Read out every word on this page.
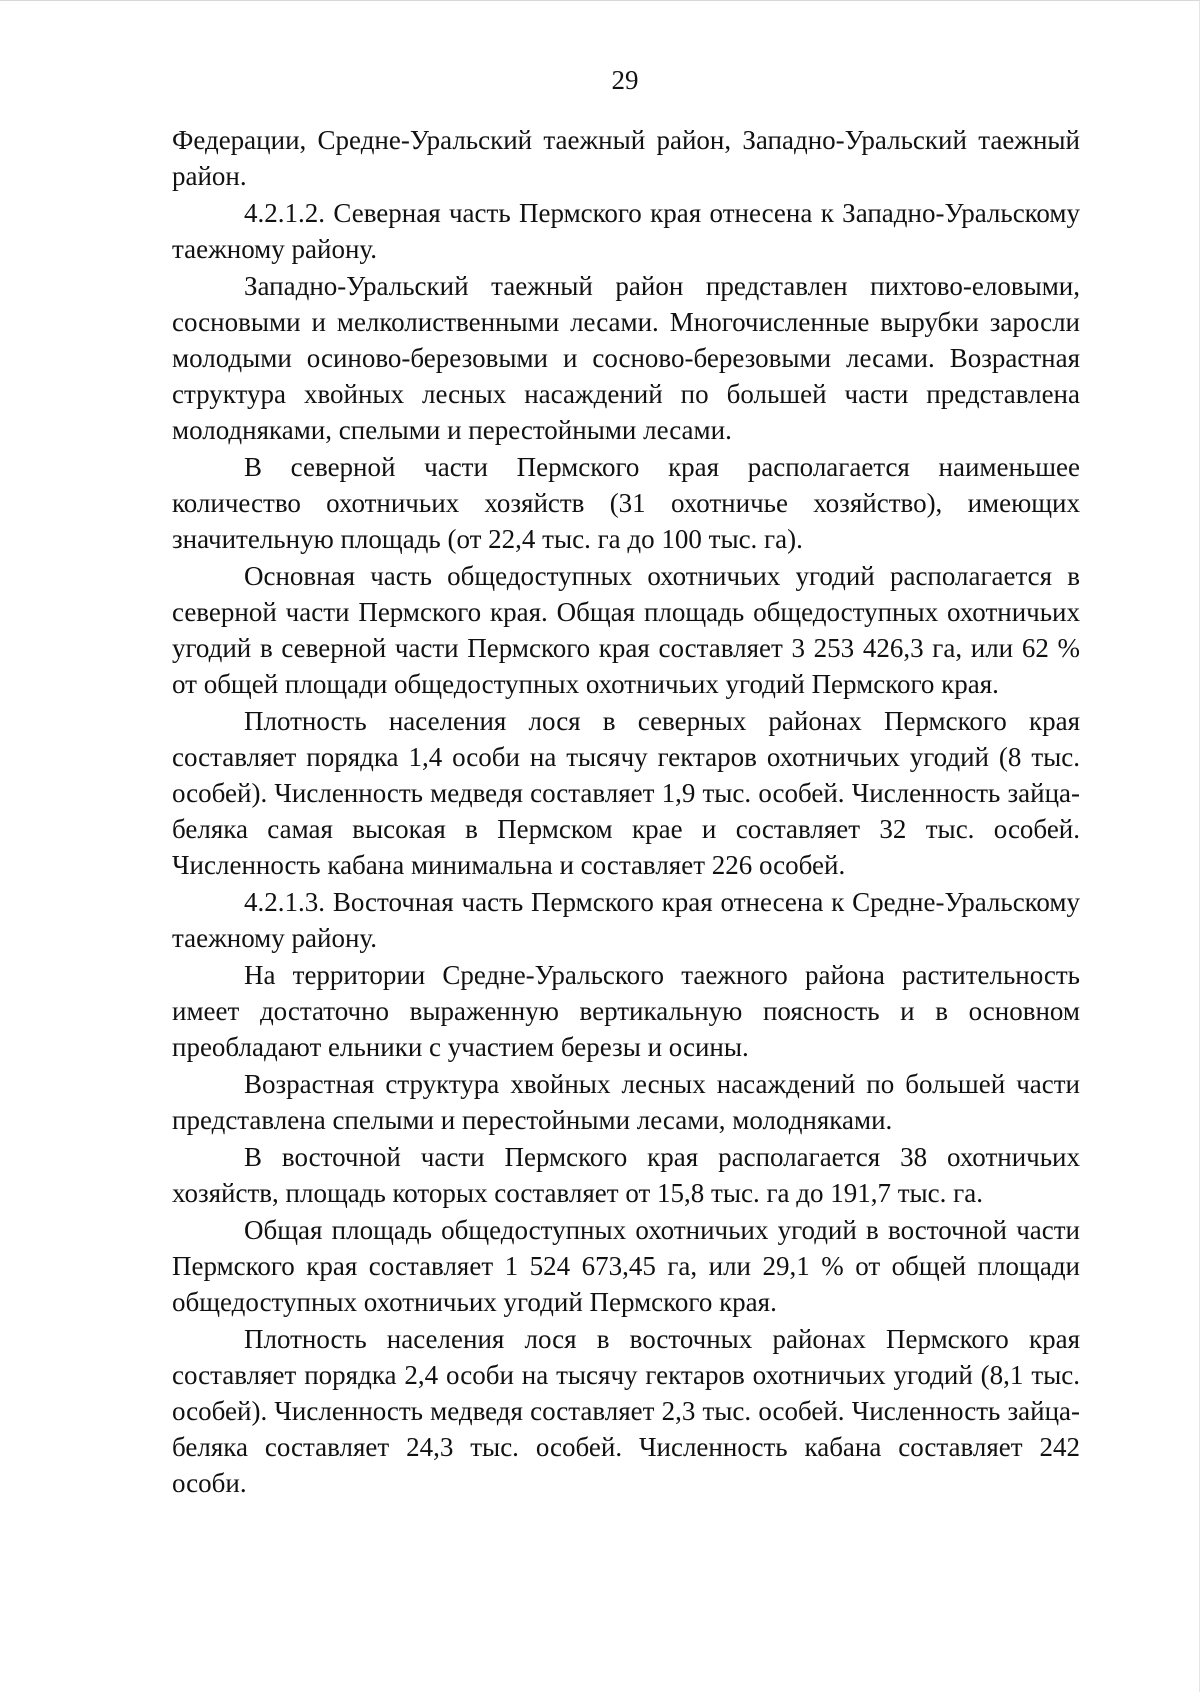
29

Федерации, Средне-Уральский таежный район, Западно-Уральский таежный район.

4.2.1.2. Северная часть Пермского края отнесена к Западно-Уральскому таежному району.

Западно-Уральский таежный район представлен пихтово-еловыми, сосновыми и мелколиственными лесами. Многочисленные вырубки заросли молодыми осиново-березовыми и сосново-березовыми лесами. Возрастная структура хвойных лесных насаждений по большей части представлена молодняками, спелыми и перестойными лесами.

В северной части Пермского края располагается наименьшее количество охотничьих хозяйств (31 охотничье хозяйство), имеющих значительную площадь (от 22,4 тыс. га до 100 тыс. га).

Основная часть общедоступных охотничьих угодий располагается в северной части Пермского края. Общая площадь общедоступных охотничьих угодий в северной части Пермского края составляет 3 253 426,3 га, или 62 % от общей площади общедоступных охотничьих угодий Пермского края.

Плотность населения лося в северных районах Пермского края составляет порядка 1,4 особи на тысячу гектаров охотничьих угодий (8 тыс. особей). Численность медведя составляет 1,9 тыс. особей. Численность зайца-беляка самая высокая в Пермском крае и составляет 32 тыс. особей. Численность кабана минимальна и составляет 226 особей.

4.2.1.3. Восточная часть Пермского края отнесена к Средне-Уральскому таежному району.

На территории Средне-Уральского таежного района растительность имеет достаточно выраженную вертикальную поясность и в основном преобладают ельники с участием березы и осины.

Возрастная структура хвойных лесных насаждений по большей части представлена спелыми и перестойными лесами, молодняками.

В восточной части Пермского края располагается 38 охотничьих хозяйств, площадь которых составляет от 15,8 тыс. га до 191,7 тыс. га.

Общая площадь общедоступных охотничьих угодий в восточной части Пермского края составляет 1 524 673,45 га, или 29,1 % от общей площади общедоступных охотничьих угодий Пермского края.

Плотность населения лося в восточных районах Пермского края составляет порядка 2,4 особи на тысячу гектаров охотничьих угодий (8,1 тыс. особей). Численность медведя составляет 2,3 тыс. особей. Численность зайца-беляка составляет 24,3 тыс. особей. Численность кабана составляет 242 особи.
